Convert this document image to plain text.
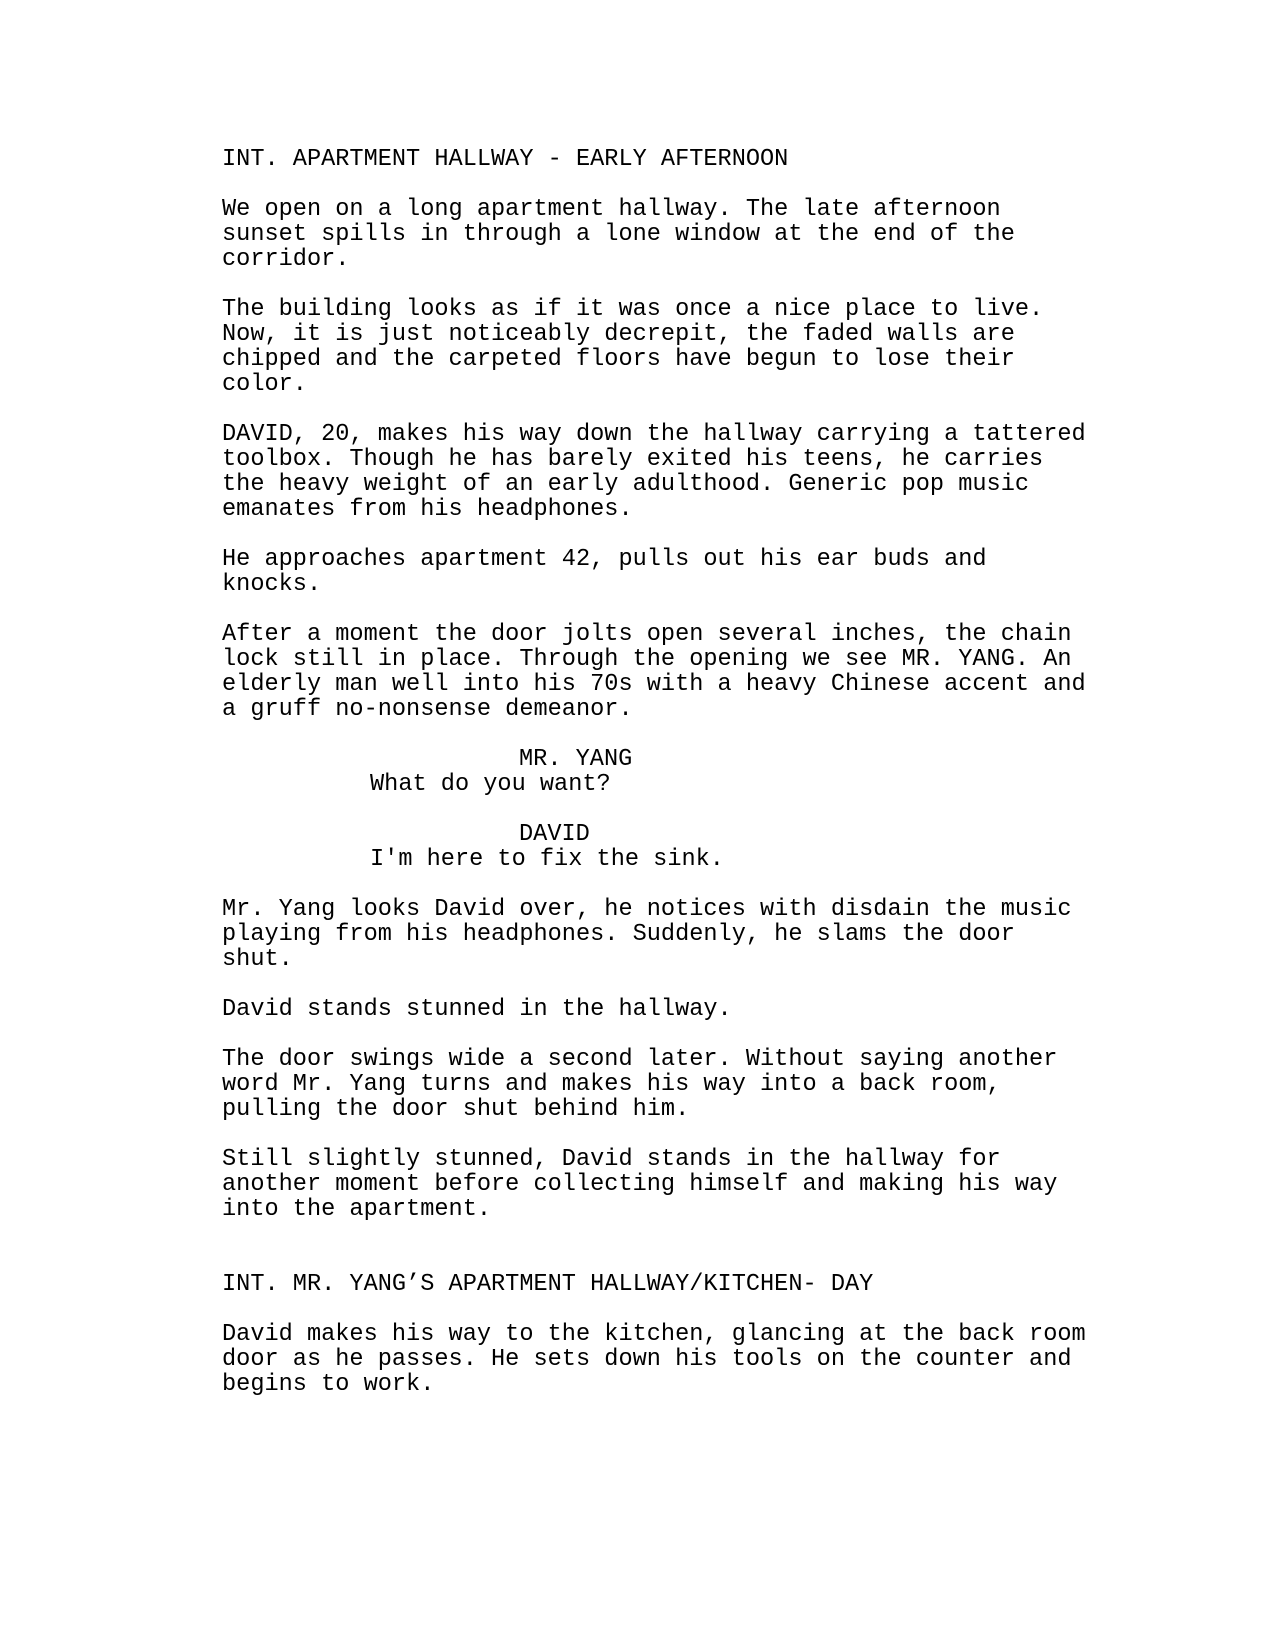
INT. APARTMENT HALLWAY - EARLY AFTERNOON
We open on a long apartment hallway. The late afternoon
sunset spills in through a lone window at the end of the
corridor.
The building looks as if it was once a nice place to live.
Now, it is just noticeably decrepit, the faded walls are
chipped and the carpeted floors have begun to lose their
color.
DAVID, 20, makes his way down the hallway carrying a tattered
toolbox. Though he has barely exited his teens, he carries
the heavy weight of an early adulthood. Generic pop music
emanates from his headphones.
He approaches apartment 42, pulls out his ear buds and
knocks.
After a moment the door jolts open several inches, the chain
lock still in place. Through the opening we see MR. YANG. An
elderly man well into his 70s with a heavy Chinese accent and
a gruff no-nonsense demeanor.
MR. YANG
What do you want?
DAVID
I'm here to fix the sink.
Mr. Yang looks David over, he notices with disdain the music
playing from his headphones. Suddenly, he slams the door
shut.
David stands stunned in the hallway.
The door swings wide a second later. Without saying another
word Mr. Yang turns and makes his way into a back room,
pulling the door shut behind him.
Still slightly stunned, David stands in the hallway for
another moment before collecting himself and making his way
into the apartment.
INT. MR. YANG’S APARTMENT HALLWAY/KITCHEN- DAY
David makes his way to the kitchen, glancing at the back room
door as he passes. He sets down his tools on the counter and
begins to work.
